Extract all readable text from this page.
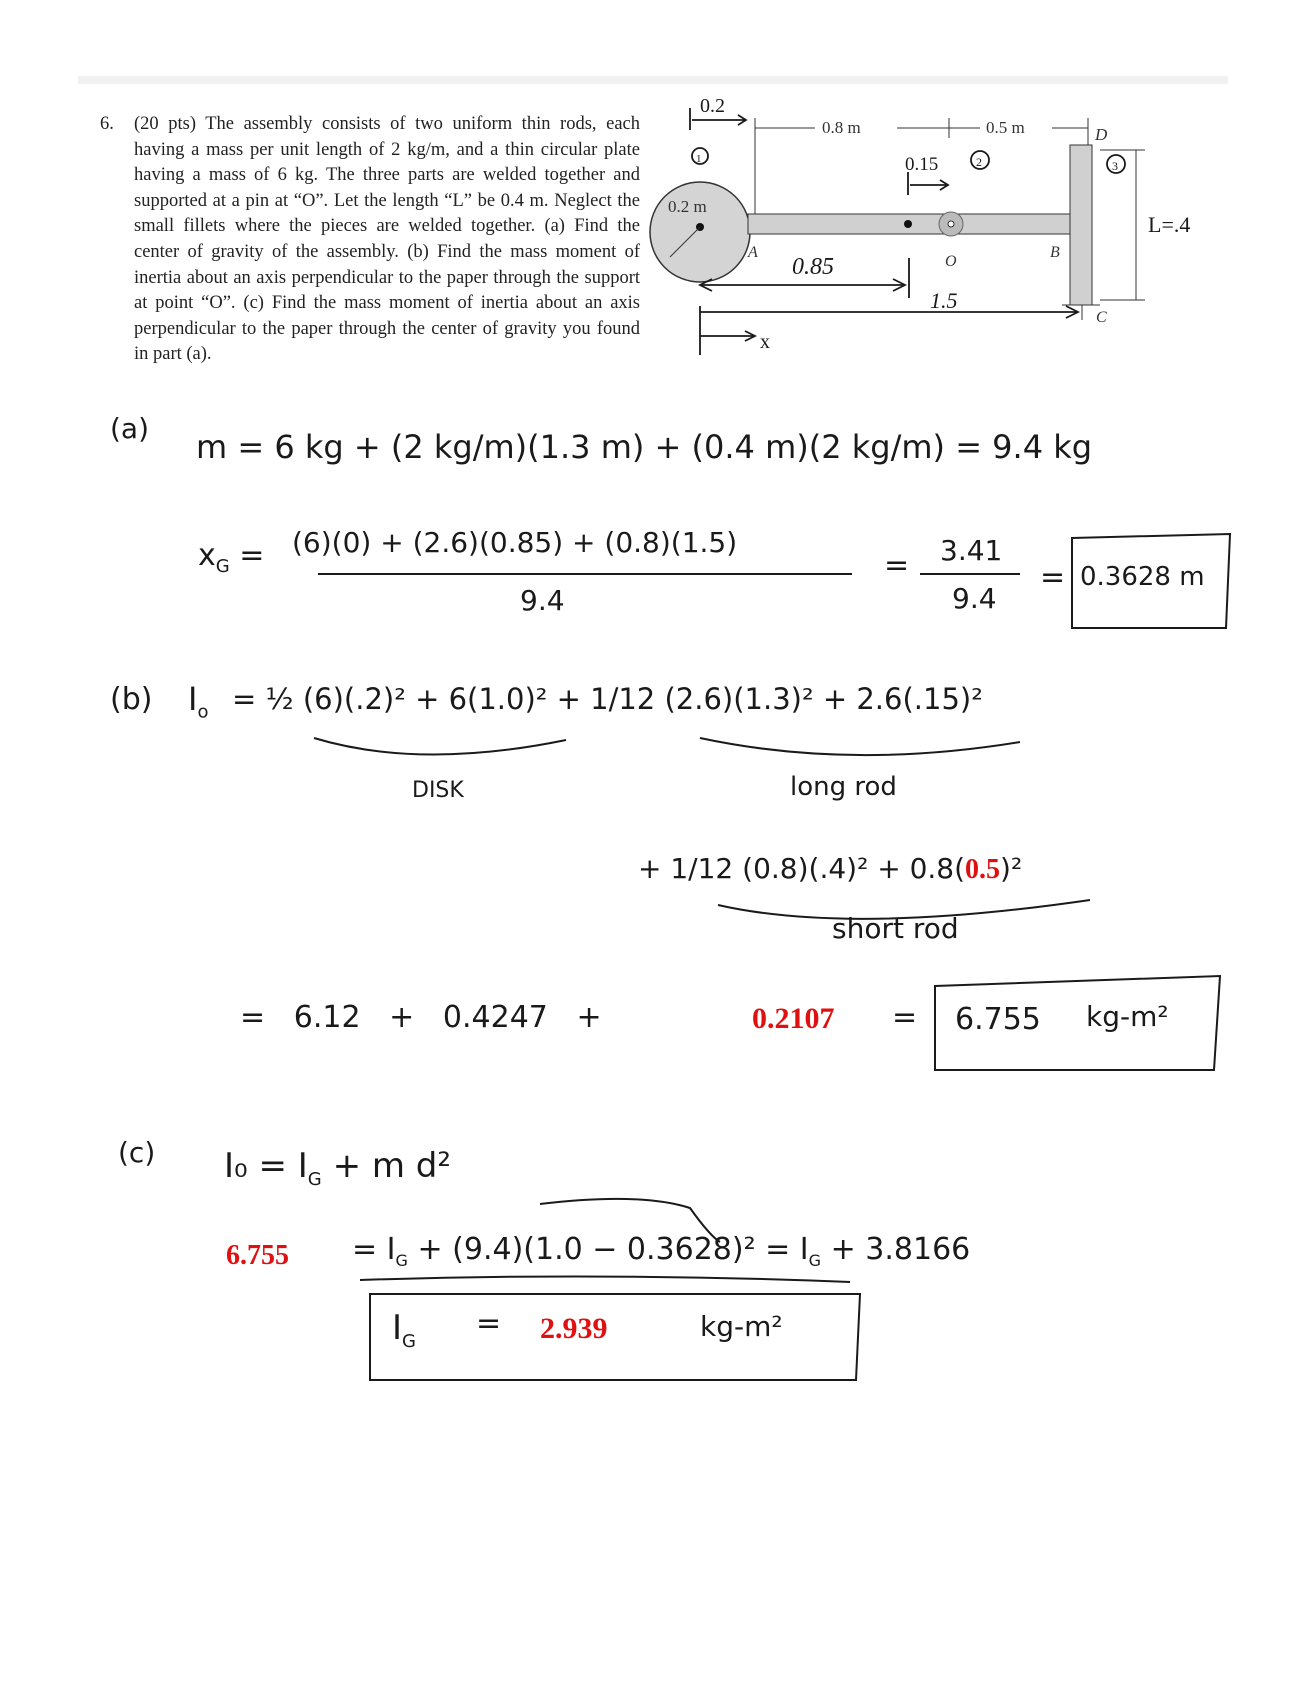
6. (20 pts) The assembly consists of two uniform thin rods, each having a mass per unit length of 2 kg/m, and a thin circular plate having a mass of 6 kg. The three parts are welded together and supported at a pin at “O”. Let the length “L” be 0.4 m. Neglect the small fillets where the pieces are welded together. (a) Find the center of gravity of the assembly. (b) Find the mass moment of inertia about an axis perpendicular to the paper through the support at point “O”. (c) Find the mass moment of inertia about an axis perpendicular to the paper through the center of gravity you found in part (a).
0.8 m	0.5 m	D
0.2 m
A
O
B
C
0.2
1	0.15	2	3
L=.4
0.85
1.5
x
(a) m = 6 kg + (2 kg/m)(1.3 m) + (0.4 m)(2 kg/m) = 9.4 kg
$x_G = (6)(0) + (2.6)(0.85) + (0.8)(1.5)$
9.4
= 3.41
9.4
= 0.3628 m
(b) $I_o$ = ½ (6)(.2)² + 6(1.0)² + 1/12 (2.6)(1.3)² + 2.6(.15)²
DISK	long rod
+ 1/12 (0.8)(.4)² + 0.8(0.5)²
short rod
=   6.12   +   0.4247   +	0.2107 = 6.755 kg-m²
(c) $I_0 = I_G + m$ d²
$6.755 = I_G + (9.4)(1.0 - 0.3628)^2 = I_G + 3.8166$
$I_G$
= 2.939	kg-m²
